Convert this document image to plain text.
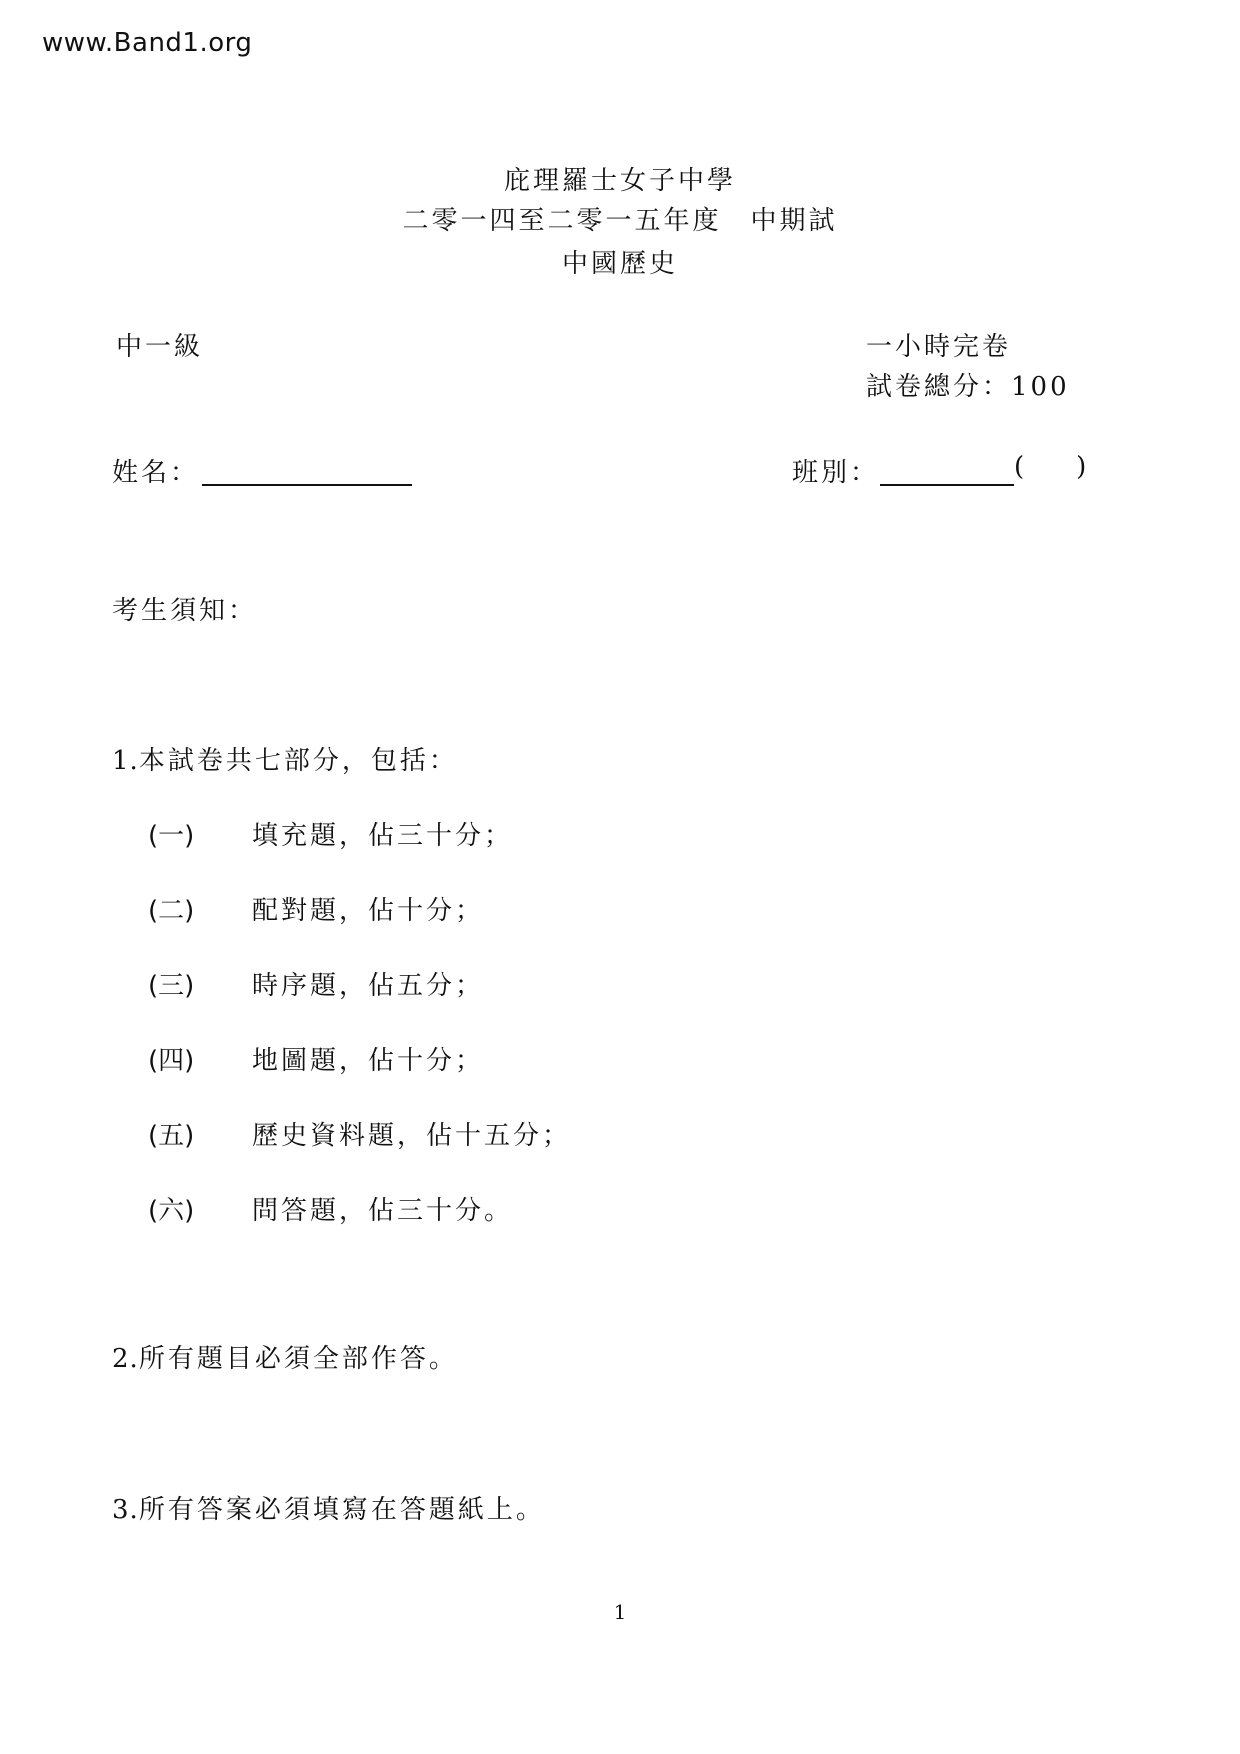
www.Band1.org
庇理羅士女子中學
二零一四至二零一五年度　中期試
中國歷史
中一級	一小時完卷
試卷總分：100
姓名：	班別：	(  )
考生須知：
1.本試卷共七部分，包括：
(一) 填充題，佔三十分；
(二) 配對題，佔十分；
(三) 時序題，佔五分；
(四) 地圖題，佔十分；
(五) 歷史資料題，佔十五分；
(六) 問答題，佔三十分。
2.所有題目必須全部作答。
3.所有答案必須填寫在答題紙上。
1
